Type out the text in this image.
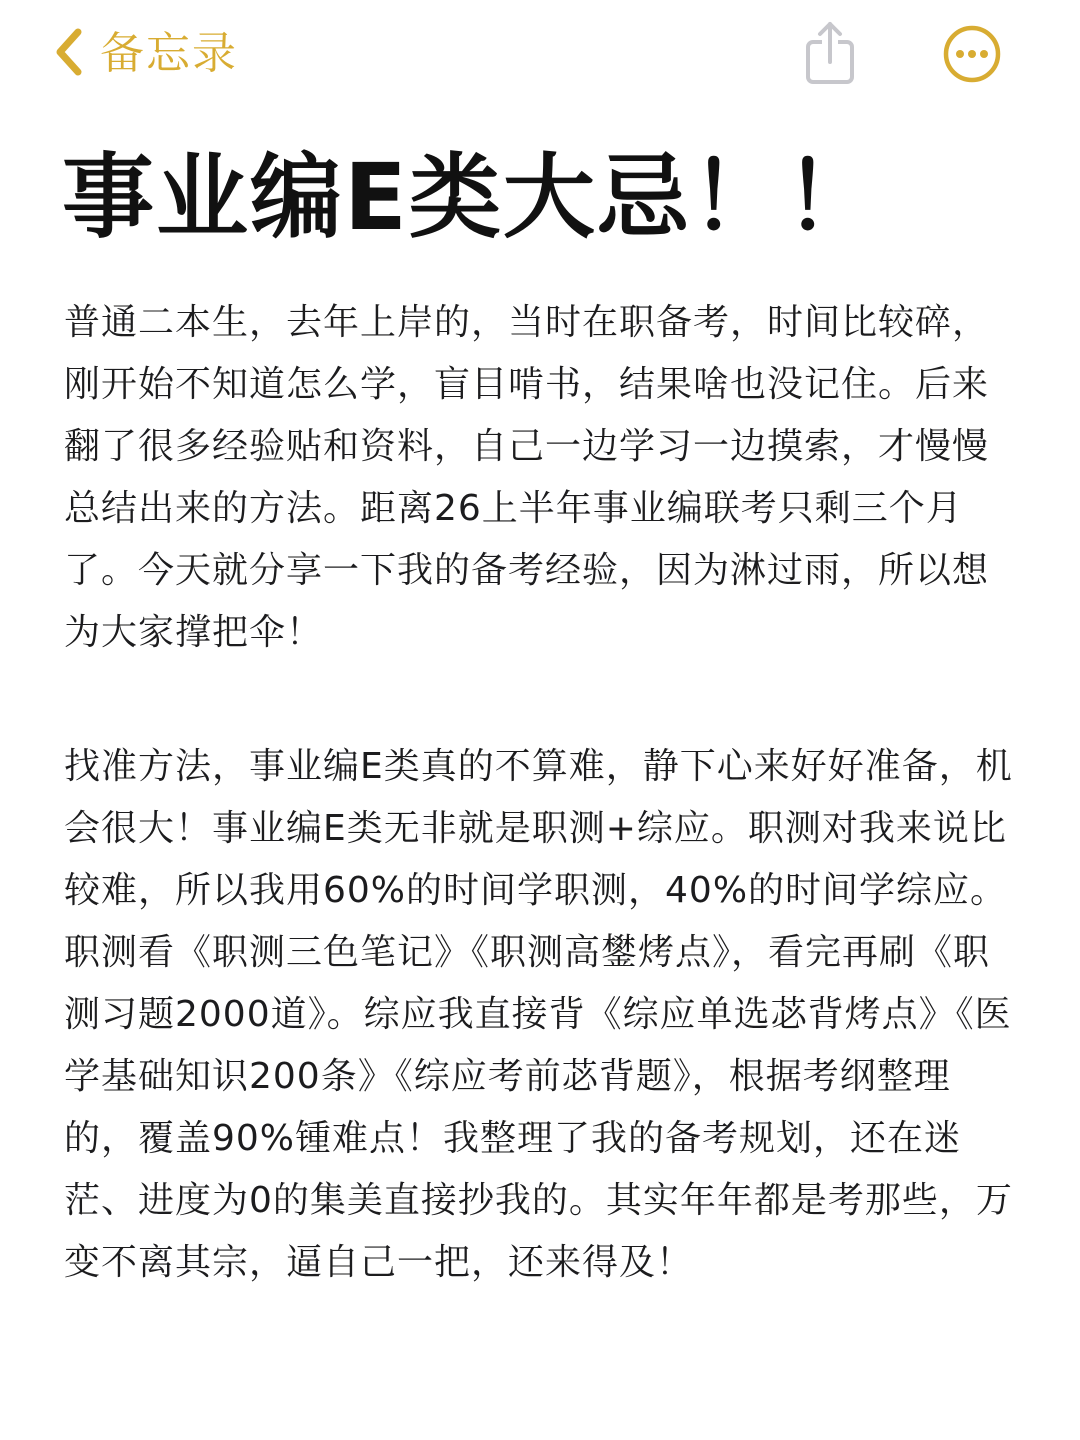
备忘录
事业编E类大忌！！

普通二本生，去年上岸的，当时在职备考，时间比较碎，刚开始不知道怎么学，盲目啃书，结果啥也没记住。后来翻了很多经验贴和资料，自己一边学习一边摸索，才慢慢总结出来的方法。距离26上半年事业编联考只剩三个月了。今天就分享一下我的备考经验，因为淋过雨，所以想为大家撑把伞！

找准方法，事业编E类真的不算难，静下心来好好准备，机会很大！事业编E类无非就是职测+综应。职测对我来说比较难，所以我用60%的时间学职测，40%的时间学综应。职测看《职测三色笔记》《职测高鐢烤点》，看完再刷《职测习题2000道》。综应我直接背《综应单选苾背烤点》《医学基础知识200条》《综应考前苾背题》，根据考纲整理的，覆盖90%锺难点！我整理了我的备考规划，还在迷茫、进度为0的集美直接抄我的。其实年年都是考那些，万变不离其宗，逼自己一把，还来得及！
